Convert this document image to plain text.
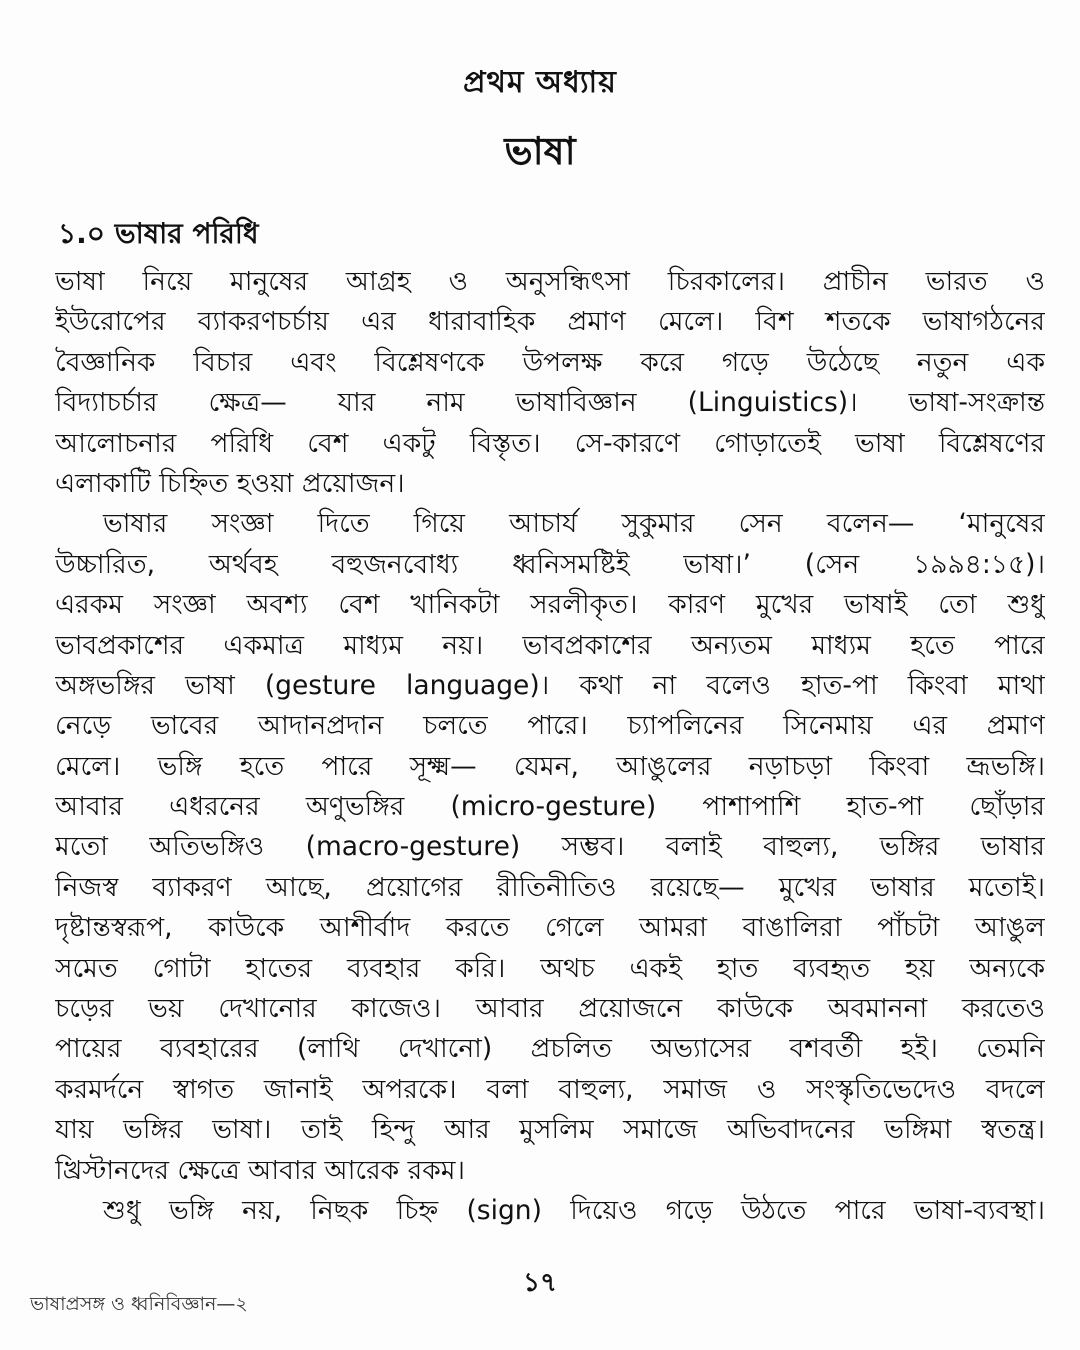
প্রথম অধ্যায়
ভাষা
১.০ ভাষার পরিধি
ভাষা নিয়ে মানুষের আগ্রহ ও অনুসন্ধিৎসা চিরকালের। প্রাচীন ভারত ও
ইউরোপের ব্যাকরণচর্চায় এর ধারাবাহিক প্রমাণ মেলে। বিশ শতকে ভাষাগঠনের
বৈজ্ঞানিক বিচার এবং বিশ্লেষণকে উপলক্ষ করে গড়ে উঠেছে নতুন এক
বিদ্যাচর্চার ক্ষেত্র— যার নাম ভাষাবিজ্ঞান (Linguistics)। ভাষা-সংক্রান্ত
আলোচনার পরিধি বেশ একটু বিস্তৃত। সে-কারণে গোড়াতেই ভাষা বিশ্লেষণের
এলাকাটি চিহ্নিত হওয়া প্রয়োজন।
ভাষার সংজ্ঞা দিতে গিয়ে আচার্য সুকুমার সেন বলেন— ‘মানুষের
উচ্চারিত, অর্থবহ বহুজনবোধ্য ধ্বনিসমষ্টিই ভাষা।’ (সেন ১৯৯৪:১৫)।
এরকম সংজ্ঞা অবশ্য বেশ খানিকটা সরলীকৃত। কারণ মুখের ভাষাই তো শুধু
ভাবপ্রকাশের একমাত্র মাধ্যম নয়। ভাবপ্রকাশের অন্যতম মাধ্যম হতে পারে
অঙ্গভঙ্গির ভাষা (gesture language)। কথা না বলেও হাত-পা কিংবা মাথা
নেড়ে ভাবের আদানপ্রদান চলতে পারে। চ্যাপলিনের সিনেমায় এর প্রমাণ
মেলে। ভঙ্গি হতে পারে সূক্ষ্ম— যেমন, আঙুলের নড়াচড়া কিংবা ভ্রূভঙ্গি।
আবার এধরনের অণুভঙ্গির (micro-gesture) পাশাপাশি হাত-পা ছোঁড়ার
মতো অতিভঙ্গিও (macro-gesture) সম্ভব। বলাই বাহুল্য, ভঙ্গির ভাষার
নিজস্ব ব্যাকরণ আছে, প্রয়োগের রীতিনীতিও রয়েছে— মুখের ভাষার মতোই।
দৃষ্টান্তস্বরূপ, কাউকে আশীর্বাদ করতে গেলে আমরা বাঙালিরা পাঁচটা আঙুল
সমেত গোটা হাতের ব্যবহার করি। অথচ একই হাত ব্যবহৃত হয় অন্যকে
চড়ের ভয় দেখানোর কাজেও। আবার প্রয়োজনে কাউকে অবমাননা করতেও
পায়ের ব্যবহারের (লাথি দেখানো) প্রচলিত অভ্যাসের বশবর্তী হই। তেমনি
করমর্দনে স্বাগত জানাই অপরকে। বলা বাহুল্য, সমাজ ও সংস্কৃতিভেদেও বদলে
যায় ভঙ্গির ভাষা। তাই হিন্দু আর মুসলিম সমাজে অভিবাদনের ভঙ্গিমা স্বতন্ত্র।
খ্রিস্টানদের ক্ষেত্রে আবার আরেক রকম।
শুধু ভঙ্গি নয়, নিছক চিহ্ন (sign) দিয়েও গড়ে উঠতে পারে ভাষা-ব্যবস্থা।
১৭
ভাষাপ্রসঙ্গ ও ধ্বনিবিজ্ঞান—২
